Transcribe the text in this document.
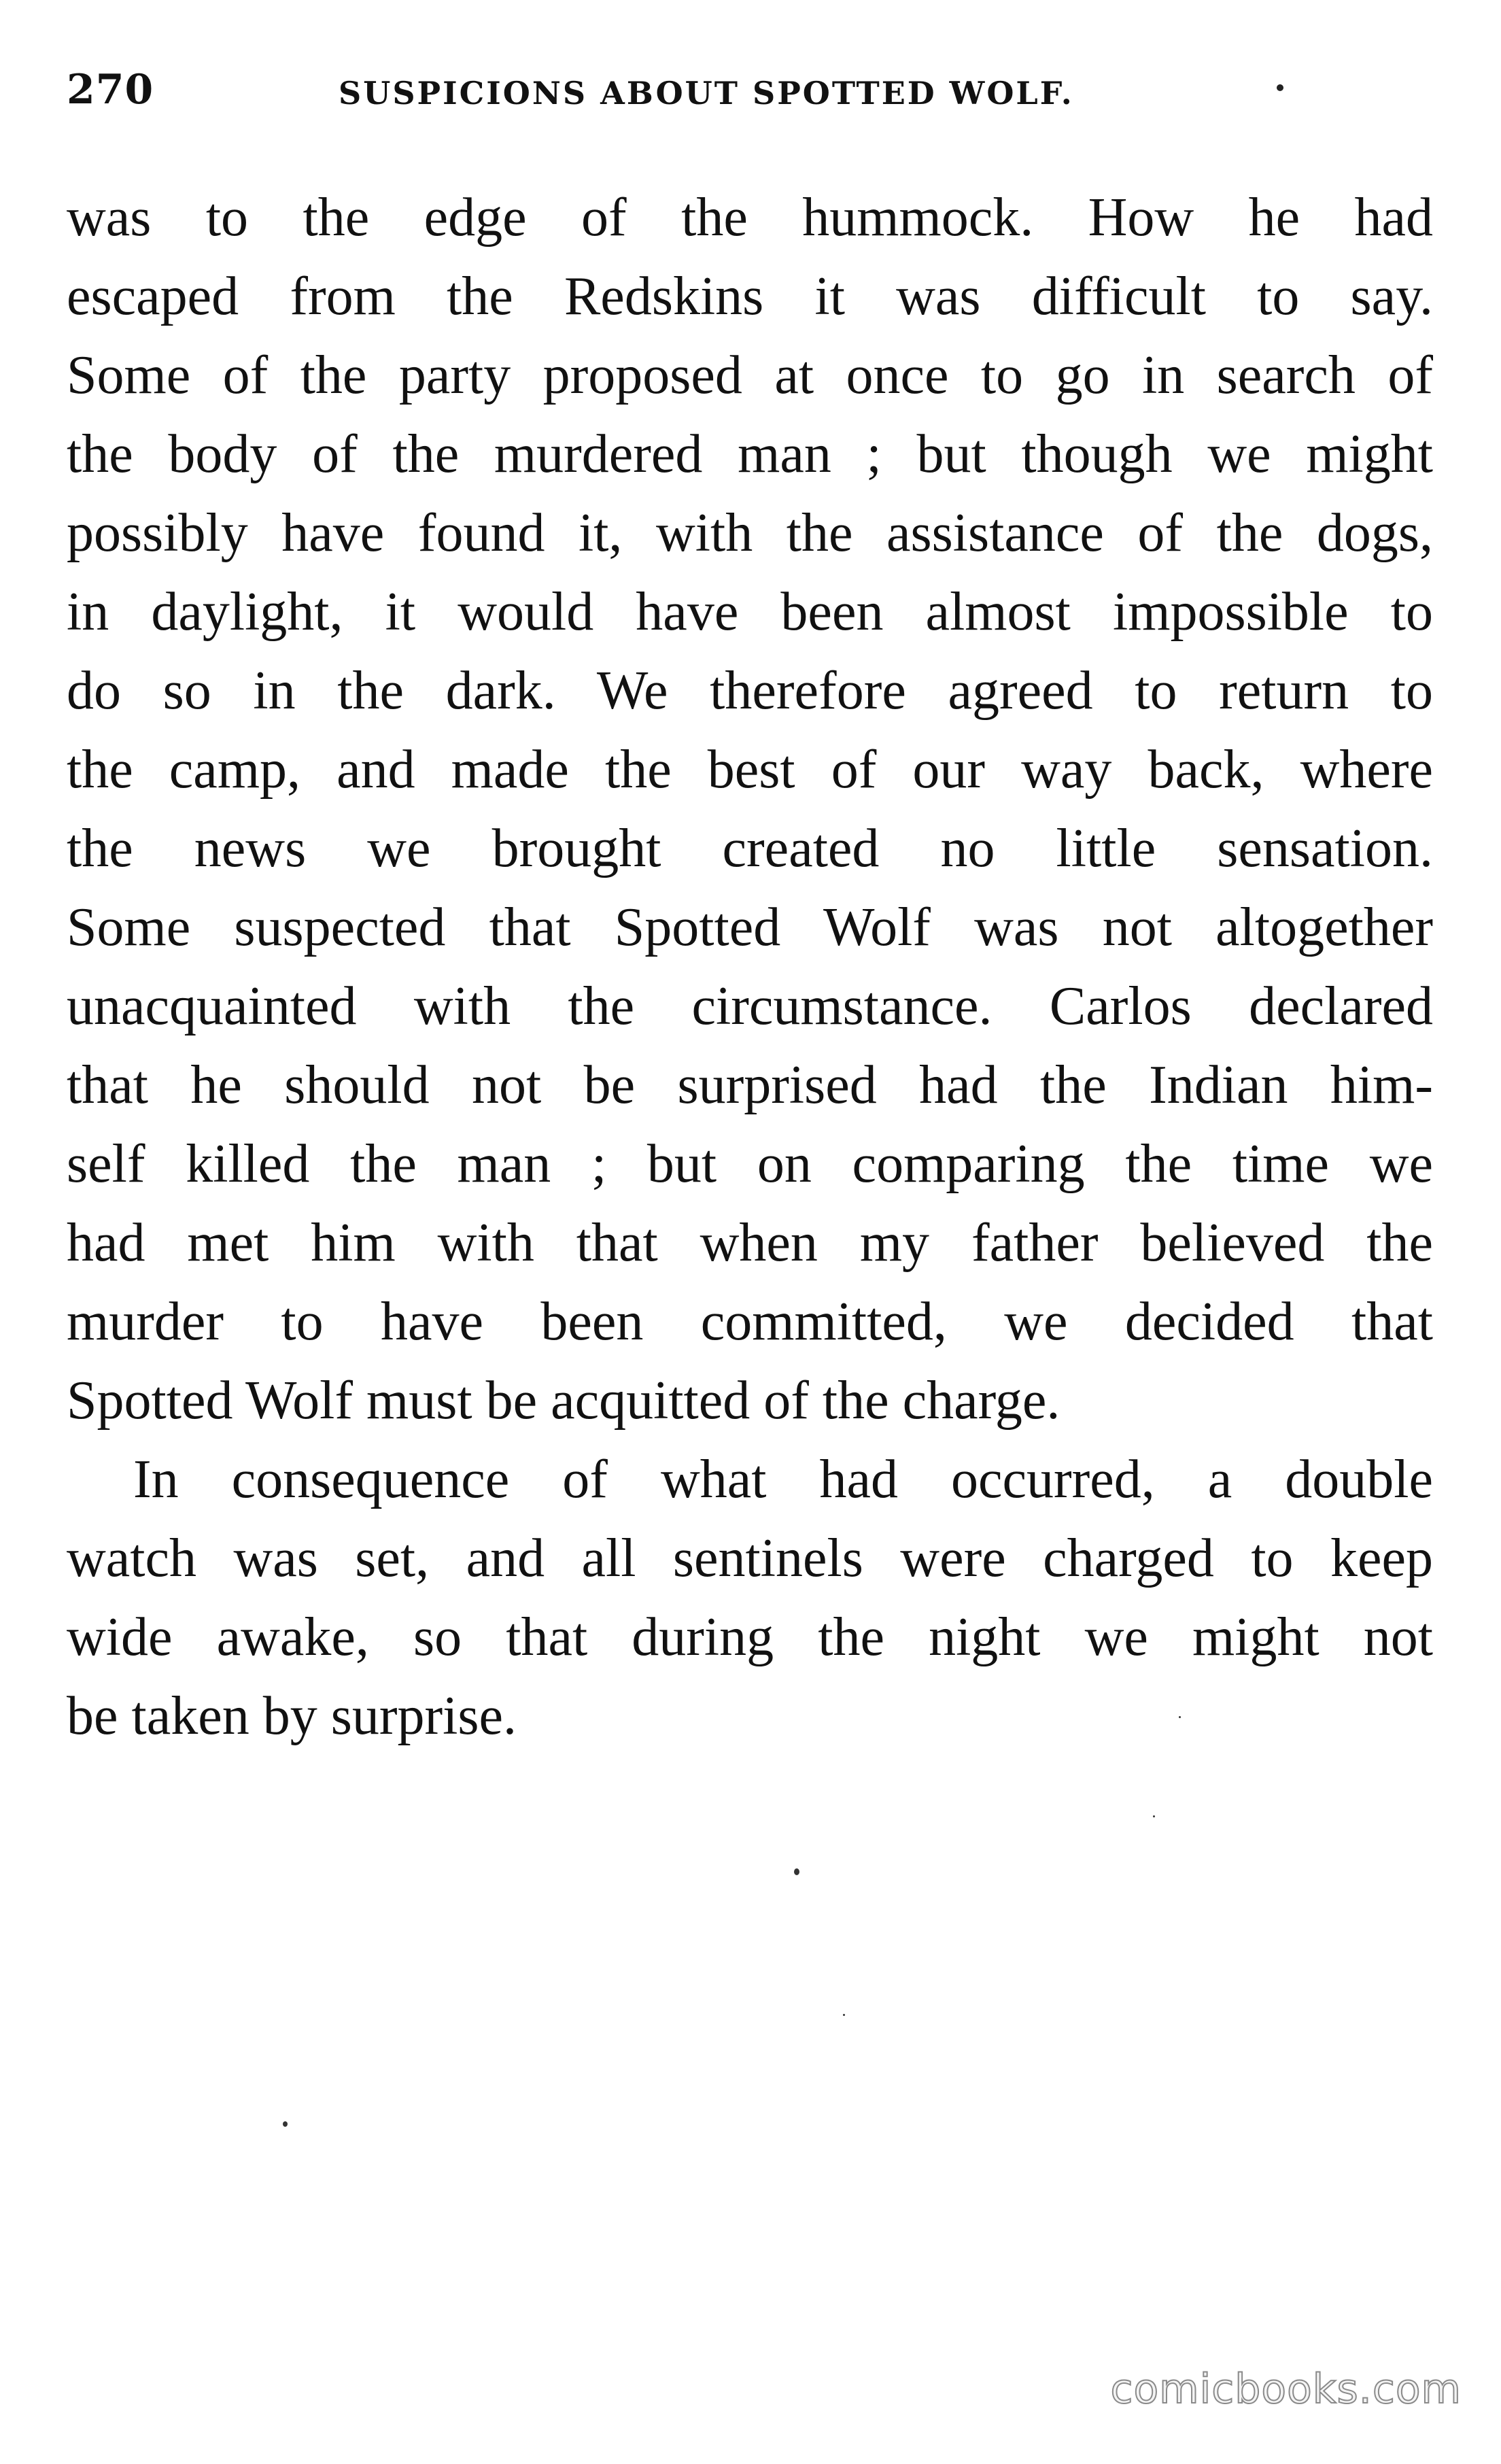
270	SUSPICIONS ABOUT SPOTTED WOLF.
was to the edge of the hummock. How he had
escaped from the Redskins it was difficult to say.
Some of the party proposed at once to go in search of
the body of the murdered man ; but though we might
possibly have found it, with the assistance of the dogs,
in daylight, it would have been almost impossible to
do so in the dark. We therefore agreed to return to
the camp, and made the best of our way back, where
the news we brought created no little sensation.
Some suspected that Spotted Wolf was not altogether
unacquainted with the circumstance. Carlos declared
that he should not be surprised had the Indian him-
self killed the man ; but on comparing the time we
had met him with that when my father believed the
murder to have been committed, we decided that
Spotted Wolf must be acquitted of the charge.
In consequence of what had occurred, a double
watch was set, and all sentinels were charged to keep
wide awake, so that during the night we might not
be taken by surprise.
comicbooks.com
